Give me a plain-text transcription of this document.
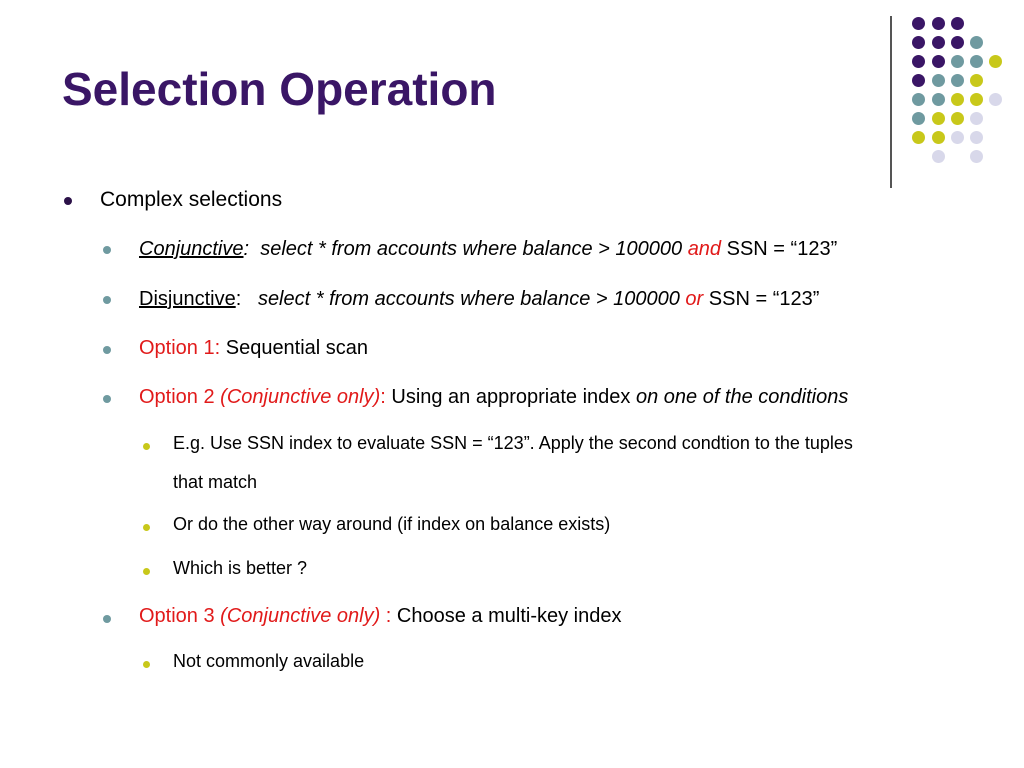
Selection Operation
Complex selections
Conjunctive: select * from accounts where balance > 100000 and SSN = “123”
Disjunctive: select * from accounts where balance > 100000 or SSN = “123”
Option 1: Sequential scan
Option 2 (Conjunctive only): Using an appropriate index on one of the conditions
E.g. Use SSN index to evaluate SSN = “123”. Apply the second condtion to the tuples
that match
Or do the other way around (if index on balance exists)
Which is better ?
Option 3 (Conjunctive only) : Choose a multi-key index
Not commonly available
